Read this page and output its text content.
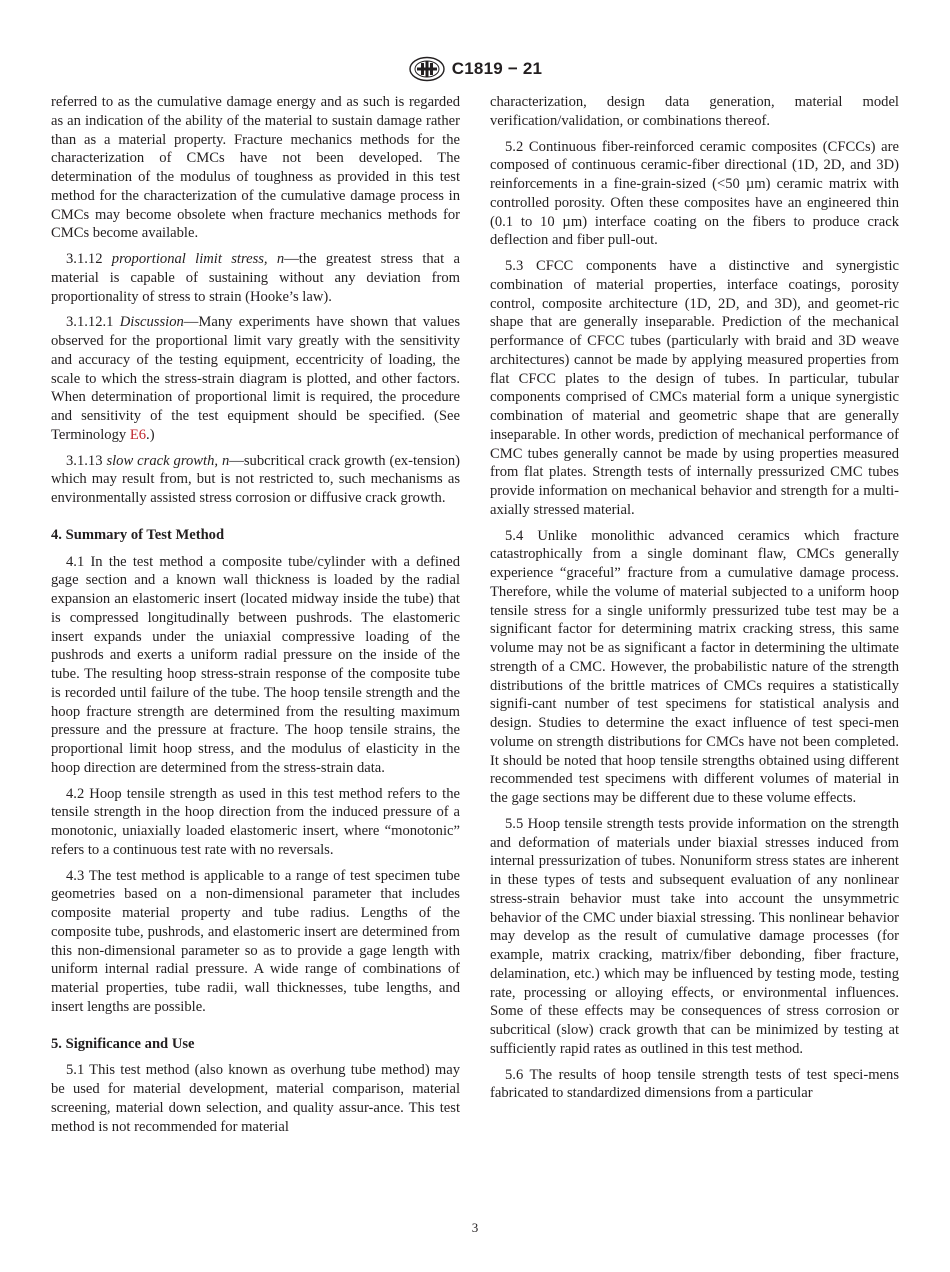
C1819 − 21

referred to as the cumulative damage energy and as such is regarded as an indication of the ability of the material to sustain damage rather than as a material property. Fracture mechanics methods for the characterization of CMCs have not been developed. The determination of the modulus of toughness as provided in this test method for the characterization of the cumulative damage process in CMCs may become obsolete when fracture mechanics methods for CMCs become available.

3.1.12 proportional limit stress, n—the greatest stress that a material is capable of sustaining without any deviation from proportionality of stress to strain (Hooke’s law).

3.1.12.1 Discussion—Many experiments have shown that values observed for the proportional limit vary greatly with the sensitivity and accuracy of the testing equipment, eccentricity of loading, the scale to which the stress-strain diagram is plotted, and other factors. When determination of proportional limit is required, the procedure and sensitivity of the test equipment should be specified. (See Terminology E6.)

3.1.13 slow crack growth, n—subcritical crack growth (ex-tension) which may result from, but is not restricted to, such mechanisms as environmentally assisted stress corrosion or diffusive crack growth.

4. Summary of Test Method

4.1 In the test method a composite tube/cylinder with a defined gage section and a known wall thickness is loaded by the radial expansion an elastomeric insert (located midway inside the tube) that is compressed longitudinally between pushrods. The elastomeric insert expands under the uniaxial compressive loading of the pushrods and exerts a uniform radial pressure on the inside of the tube. The resulting hoop stress-strain response of the composite tube is recorded until failure of the tube. The hoop tensile strength and the hoop fracture strength are determined from the resulting maximum pressure and the pressure at fracture. The hoop tensile strains, the proportional limit hoop stress, and the modulus of elasticity in the hoop direction are determined from the stress-strain data.

4.2 Hoop tensile strength as used in this test method refers to the tensile strength in the hoop direction from the induced pressure of a monotonic, uniaxially loaded elastomeric insert, where “monotonic” refers to a continuous test rate with no reversals.

4.3 The test method is applicable to a range of test specimen tube geometries based on a non-dimensional parameter that includes composite material property and tube radius. Lengths of the composite tube, pushrods, and elastomeric insert are determined from this non-dimensional parameter so as to provide a gage length with uniform internal radial pressure. A wide range of combinations of material properties, tube radii, wall thicknesses, tube lengths, and insert lengths are possible.

5. Significance and Use

5.1 This test method (also known as overhung tube method) may be used for material development, material comparison, material screening, material down selection, and quality assur-ance. This test method is not recommended for material

characterization, design data generation, material model verification/validation, or combinations thereof.

5.2 Continuous fiber-reinforced ceramic composites (CFCCs) are composed of continuous ceramic-fiber directional (1D, 2D, and 3D) reinforcements in a fine-grain-sized (<50 µm) ceramic matrix with controlled porosity. Often these composites have an engineered thin (0.1 to 10 µm) interface coating on the fibers to produce crack deflection and fiber pull-out.

5.3 CFCC components have a distinctive and synergistic combination of material properties, interface coatings, porosity control, composite architecture (1D, 2D, and 3D), and geomet-ric shape that are generally inseparable. Prediction of the mechanical performance of CFCC tubes (particularly with braid and 3D weave architectures) cannot be made by applying measured properties from flat CFCC plates to the design of tubes. In particular, tubular components comprised of CMCs material form a unique synergistic combination of material and geometric shape that are generally inseparable. In other words, prediction of mechanical performance of CMC tubes generally cannot be made by using properties measured from flat plates. Strength tests of internally pressurized CMC tubes provide information on mechanical behavior and strength for a multi-axially stressed material.

5.4 Unlike monolithic advanced ceramics which fracture catastrophically from a single dominant flaw, CMCs generally experience “graceful” fracture from a cumulative damage process. Therefore, while the volume of material subjected to a uniform hoop tensile stress for a single uniformly pressurized tube test may be a significant factor for determining matrix cracking stress, this same volume may not be as significant a factor in determining the ultimate strength of a CMC. However, the probabilistic nature of the strength distributions of the brittle matrices of CMCs requires a statistically signifi-cant number of test specimens for statistical analysis and design. Studies to determine the exact influence of test speci-men volume on strength distributions for CMCs have not been completed. It should be noted that hoop tensile strengths obtained using different recommended test specimens with different volumes of material in the gage sections may be different due to these volume effects.

5.5 Hoop tensile strength tests provide information on the strength and deformation of materials under biaxial stresses induced from internal pressurization of tubes. Nonuniform stress states are inherent in these types of tests and subsequent evaluation of any nonlinear stress-strain behavior must take into account the unsymmetric behavior of the CMC under biaxial stressing. This nonlinear behavior may develop as the result of cumulative damage processes (for example, matrix cracking, matrix/fiber debonding, fiber fracture, delamination, etc.) which may be influenced by testing mode, testing rate, processing or alloying effects, or environmental influences. Some of these effects may be consequences of stress corrosion or subcritical (slow) crack growth that can be minimized by testing at sufficiently rapid rates as outlined in this test method.

5.6 The results of hoop tensile strength tests of test speci-mens fabricated to standardized dimensions from a particular

3
